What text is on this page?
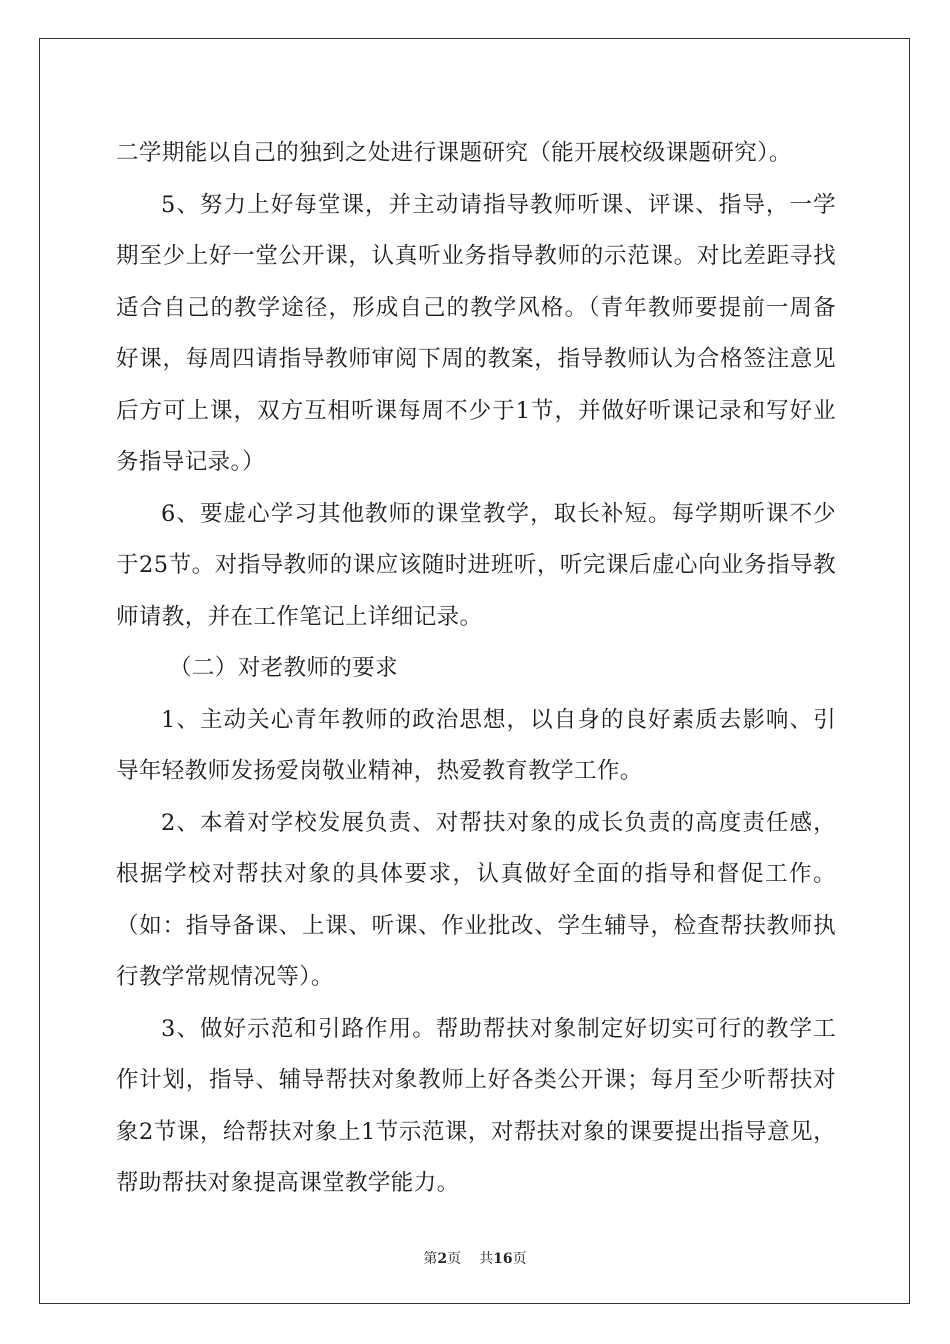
二学期能以自己的独到之处进行课题研究（能开展校级课题研究）。

5、努力上好每堂课，并主动请指导教师听课、评课、指导，一学期至少上好一堂公开课，认真听业务指导教师的示范课。对比差距寻找适合自己的教学途径，形成自己的教学风格。（青年教师要提前一周备好课，每周四请指导教师审阅下周的教案，指导教师认为合格签注意见后方可上课，双方互相听课每周不少于1节，并做好听课记录和写好业务指导记录。）

6、要虚心学习其他教师的课堂教学，取长补短。每学期听课不少于25节。对指导教师的课应该随时进班听，听完课后虚心向业务指导教师请教，并在工作笔记上详细记录。

（二）对老教师的要求

1、主动关心青年教师的政治思想，以自身的良好素质去影响、引导年轻教师发扬爱岗敬业精神，热爱教育教学工作。

2、本着对学校发展负责、对帮扶对象的成长负责的高度责任感，根据学校对帮扶对象的具体要求，认真做好全面的指导和督促工作。（如：指导备课、上课、听课、作业批改、学生辅导，检查帮扶教师执行教学常规情况等）。

3、做好示范和引路作用。帮助帮扶对象制定好切实可行的教学工作计划，指导、辅导帮扶对象教师上好各类公开课；每月至少听帮扶对象2节课，给帮扶对象上1节示范课，对帮扶对象的课要提出指导意见，帮助帮扶对象提高课堂教学能力。

第2页 共16页
